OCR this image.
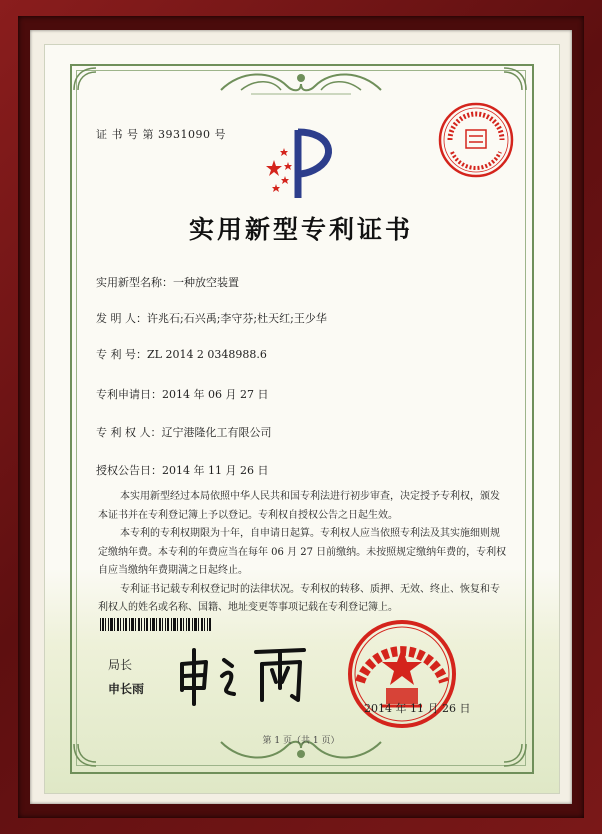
证 书 号 第 3931090 号
实用新型专利证书
实用新型名称：一种放空装置
发 明 人：许兆石;石兴禹;李守芬;杜天红;王少华
专 利 号：ZL 2014 2 0348988.6
专利申请日：2014 年 06 月 27 日
专 利 权 人：辽宁港隆化工有限公司
授权公告日：2014 年 11 月 26 日

本实用新型经过本局依照中华人民共和国专利法进行初步审查，决定授予专利权，颁发本证书并在专利登记簿上予以登记。专利权自授权公告之日起生效。

本专利的专利权期限为十年，自申请日起算。专利权人应当依照专利法及其实施细则规定缴纳年费。本专利的年费应当在每年 06 月 27 日前缴纳。未按照规定缴纳年费的，专利权自应当缴纳年费期满之日起终止。

专利证书记载专利权登记时的法律状况。专利权的转移、质押、无效、终止、恢复和专利权人的姓名或名称、国籍、地址变更等事项记载在专利登记簿上。

局长
申长雨
2014 年 11 月 26 日
第 1 页（共 1 页）
